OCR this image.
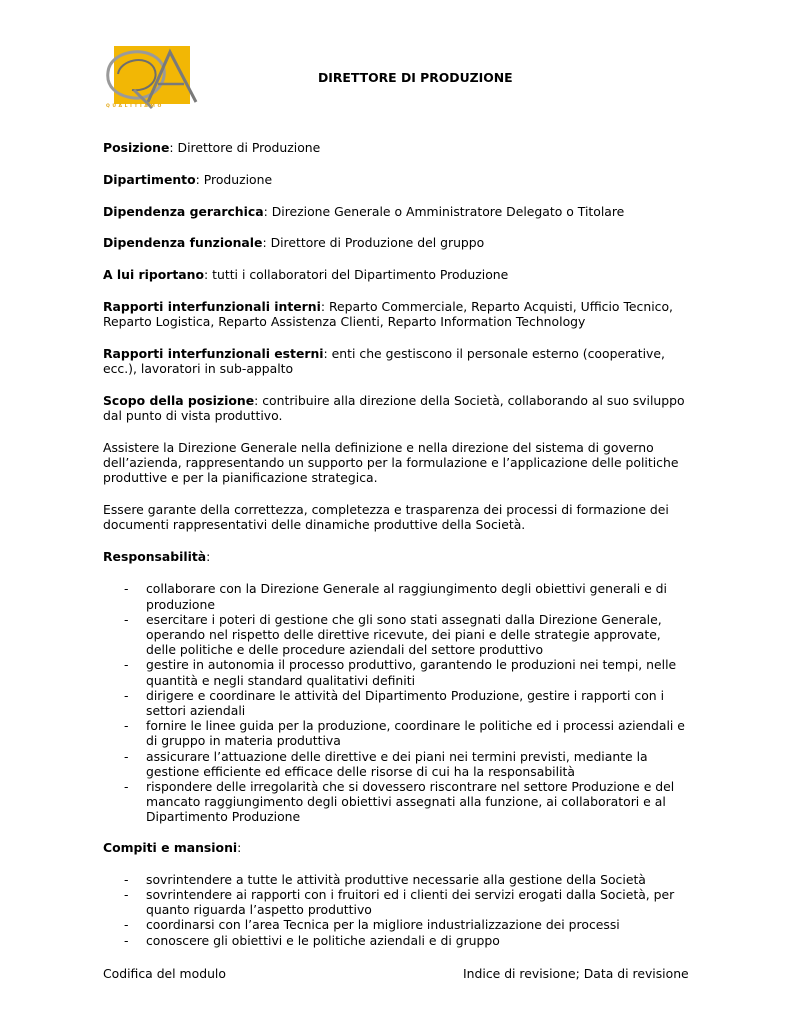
QUALITIAMO
DIRETTORE DI PRODUZIONE

Posizione: Direttore di Produzione

Dipartimento: Produzione

Dipendenza gerarchica: Direzione Generale o Amministratore Delegato o Titolare

Dipendenza funzionale: Direttore di Produzione del gruppo

A lui riportano: tutti i collaboratori del Dipartimento Produzione

Rapporti interfunzionali interni: Reparto Commerciale, Reparto Acquisti, Ufficio Tecnico, Reparto Logistica, Reparto Assistenza Clienti, Reparto Information Technology

Rapporti interfunzionali esterni: enti che gestiscono il personale esterno (cooperative, ecc.), lavoratori in sub-appalto

Scopo della posizione: contribuire alla direzione della Società, collaborando al suo sviluppo dal punto di vista produttivo.

Assistere la Direzione Generale nella definizione e nella direzione del sistema di governo dell’azienda, rappresentando un supporto per la formulazione e l’applicazione delle politiche produttive e per la pianificazione strategica.

Essere garante della correttezza, completezza e trasparenza dei processi di formazione dei documenti rappresentativi delle dinamiche produttive della Società.

Responsabilità:

- collaborare con la Direzione Generale al raggiungimento degli obiettivi generali e di produzione
- esercitare i poteri di gestione che gli sono stati assegnati dalla Direzione Generale, operando nel rispetto delle direttive ricevute, dei piani e delle strategie approvate, delle politiche e delle procedure aziendali del settore produttivo
- gestire in autonomia il processo produttivo, garantendo le produzioni nei tempi, nelle quantità e negli standard qualitativi definiti
- dirigere e coordinare le attività del Dipartimento Produzione, gestire i rapporti con i settori aziendali
- fornire le linee guida per la produzione, coordinare le politiche ed i processi aziendali e di gruppo in materia produttiva
- assicurare l’attuazione delle direttive e dei piani nei termini previsti, mediante la gestione efficiente ed efficace delle risorse di cui ha la responsabilità
- rispondere delle irregolarità che si dovessero riscontrare nel settore Produzione e del mancato raggiungimento degli obiettivi assegnati alla funzione, ai collaboratori e al Dipartimento Produzione

Compiti e mansioni:

- sovrintendere a tutte le attività produttive necessarie alla gestione della Società
- sovrintendere ai rapporti con i fruitori ed i clienti dei servizi erogati dalla Società, per quanto riguarda l’aspetto produttivo
- coordinarsi con l’area Tecnica per la migliore industrializzazione dei processi
- conoscere gli obiettivi e le politiche aziendali e di gruppo
Codifica del modulo	Indice di revisione; Data di revisione
